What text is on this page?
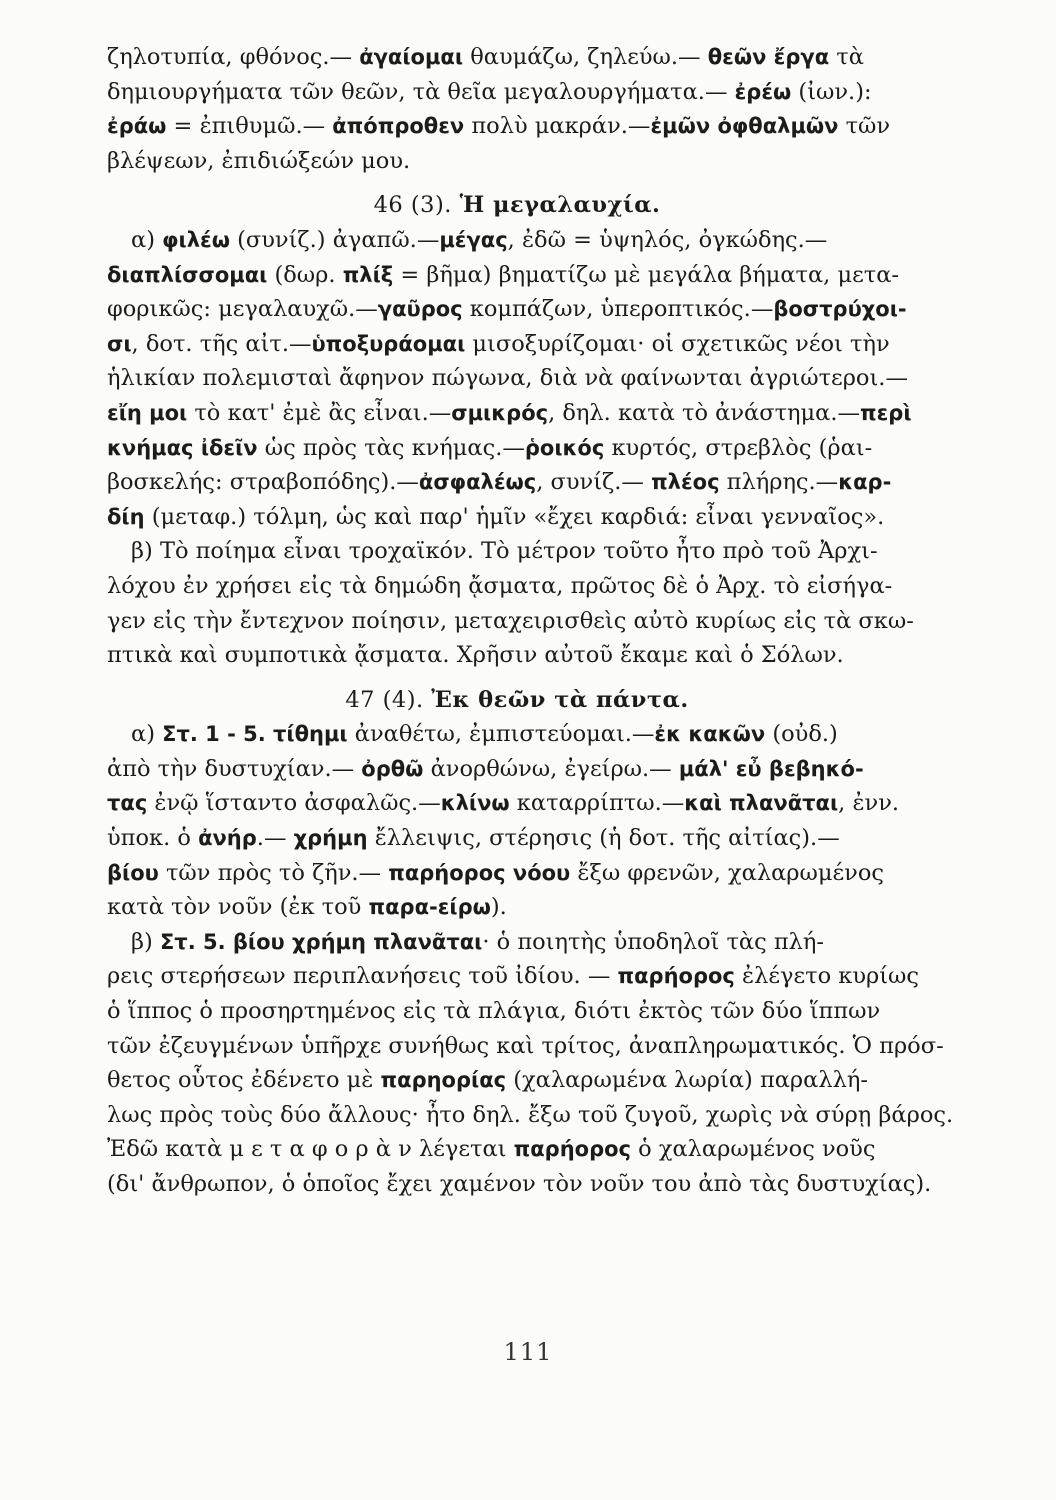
ζηλοτυπία, φθόνος.— ἀγαίομαι θαυμάζω, ζηλεύω.— θεῶν ἔργα τὰ
δημιουργήματα τῶν θεῶν, τὰ θεῖα μεγαλουργήματα.— ἐρέω (ἰων.):
ἐράω = ἐπιθυμῶ.— ἀπόπροθεν πολὺ μακράν.—ἐμῶν ὀφθαλμῶν τῶν
βλέψεων, ἐπιδιώξεών μου.
46 (3). Ἡ μεγαλαυχία.
α) φιλέω (συνίζ.) ἀγαπῶ.—μέγας, ἐδῶ = ὑψηλός, ὀγκώδης.—
διαπλίσσομαι (δωρ. πλίξ = βῆμα) βηματίζω μὲ μεγάλα βήματα, μετα-
φορικῶς: μεγαλαυχῶ.—γαῦρος κομπάζων, ὑπεροπτικός.—βοστρύχοι-
σι, δοτ. τῆς αἰτ.—ὑποξυράομαι μισοξυρίζομαι· οἱ σχετικῶς νέοι τὴν
ἡλικίαν πολεμισταὶ ἄφηνον πώγωνα, διὰ νὰ φαίνωνται ἀγριώτεροι.—
εἴη μοι τὸ κατ' ἐμὲ ἂς εἶναι.—σμικρός, δηλ. κατὰ τὸ ἀνάστημα.—περὶ
κνήμας ἰδεῖν ὡς πρὸς τὰς κνήμας.—ῥοικός κυρτός, στρεβλὸς (ῥαι-
βοσκελής: στραβοπόδης).—ἀσφαλέως, συνίζ.— πλέος πλήρης.—καρ-
δίη (μεταφ.) τόλμη, ὡς καὶ παρ' ἡμῖν «ἔχει καρδιά: εἶναι γενναῖος».
β) Τὸ ποίημα εἶναι τροχαϊκόν. Τὸ μέτρον τοῦτο ἦτο πρὸ τοῦ Ἀρχι-
λόχου ἐν χρήσει εἰς τὰ δημώδη ᾄσματα, πρῶτος δὲ ὁ Ἀρχ. τὸ εἰσήγα-
γεν εἰς τὴν ἔντεχνον ποίησιν, μεταχειρισθεὶς αὐτὸ κυρίως εἰς τὰ σκω-
πτικὰ καὶ συμποτικὰ ᾄσματα. Χρῆσιν αὐτοῦ ἔκαμε καὶ ὁ Σόλων.
47 (4). Ἐκ θεῶν τὰ πάντα.
α) Στ. 1 - 5. τίθημι ἀναθέτω, ἐμπιστεύομαι.—ἐκ κακῶν (οὐδ.)
ἀπὸ τὴν δυστυχίαν.— ὀρθῶ ἀνορθώνω, ἐγείρω.— μάλ' εὖ βεβηκό-
τας ἐνῷ ἵσταντο ἀσφαλῶς.—κλίνω καταρρίπτω.—καὶ πλανᾶται, ἐνν.
ὑποκ. ὁ ἀνήρ.— χρήμη ἔλλειψις, στέρησις (ἡ δοτ. τῆς αἰτίας).—
βίου τῶν πρὸς τὸ ζῆν.— παρήορος νόου ἔξω φρενῶν, χαλαρωμένος
κατὰ τὸν νοῦν (ἐκ τοῦ παρα-είρω).
β) Στ. 5. βίου χρήμη πλανᾶται· ὁ ποιητὴς ὑποδηλοῖ τὰς πλή-
ρεις στερήσεων περιπλανήσεις τοῦ ἰδίου. — παρήορος ἐλέγετο κυρίως
ὁ ἵππος ὁ προσηρτημένος εἰς τὰ πλάγια, διότι ἐκτὸς τῶν δύο ἵππων
τῶν ἐζευγμένων ὑπῆρχε συνήθως καὶ τρίτος, ἀναπληρωματικός. Ὁ πρόσ-
θετος οὗτος ἐδένετο μὲ παρηορίας (χαλαρωμένα λωρία) παραλλή-
λως πρὸς τοὺς δύο ἄλλους· ἦτο δηλ. ἔξω τοῦ ζυγοῦ, χωρὶς νὰ σύρῃ βάρος.
Ἐδῶ κατὰ μ ε τ α φ ο ρ ὰ ν λέγεται παρήορος ὁ χαλαρωμένος νοῦς
(δι' ἄνθρωπον, ὁ ὁποῖος ἔχει χαμένον τὸν νοῦν του ἀπὸ τὰς δυστυχίας).
111
